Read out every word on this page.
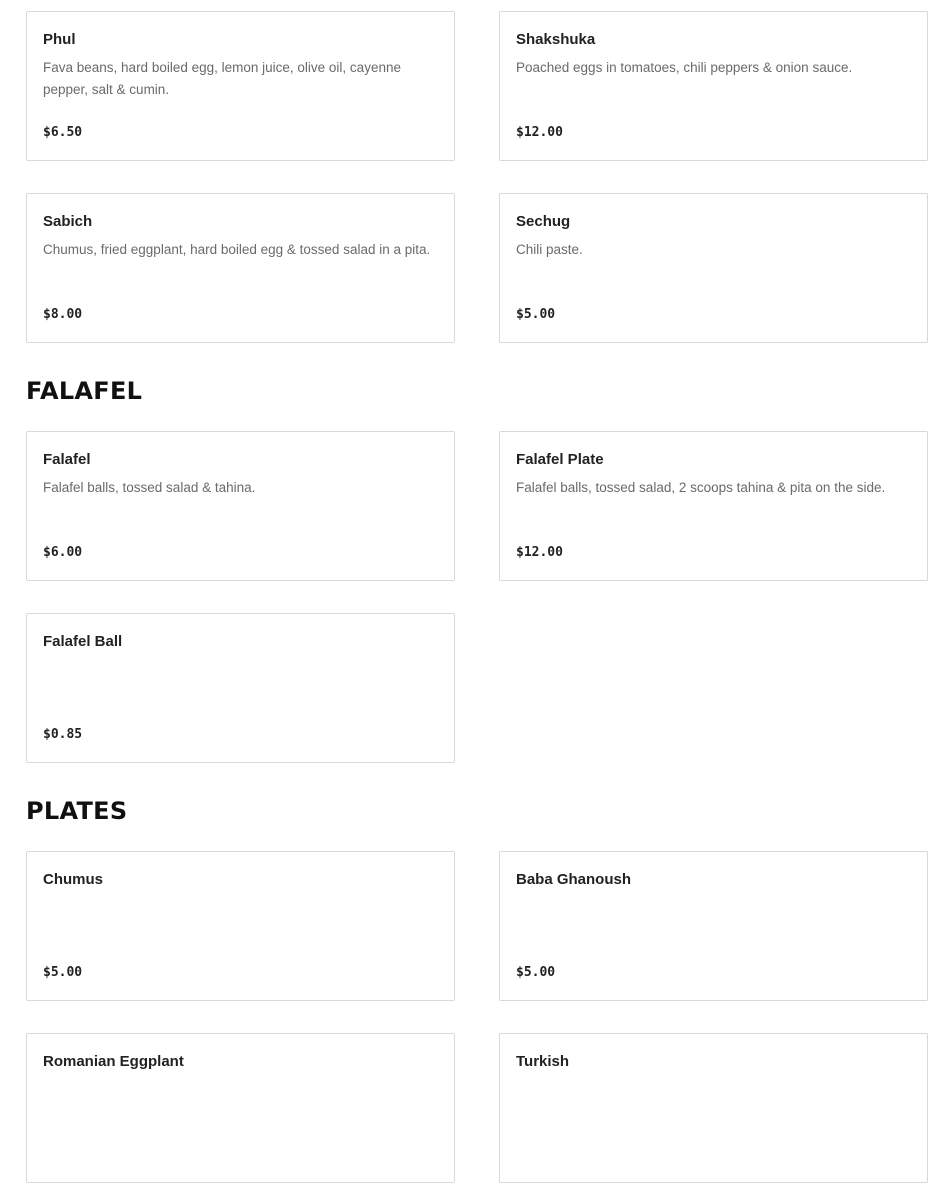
Phul
Fava beans, hard boiled egg, lemon juice, olive oil, cayenne pepper, salt & cumin.
$6.50
Shakshuka
Poached eggs in tomatoes, chili peppers & onion sauce.
$12.00
Sabich
Chumus, fried eggplant, hard boiled egg & tossed salad in a pita.
$8.00
Sechug
Chili paste.
$5.00
FALAFEL
Falafel
Falafel balls, tossed salad & tahina.
$6.00
Falafel Plate
Falafel balls, tossed salad, 2 scoops tahina & pita on the side.
$12.00
Falafel Ball
$0.85
PLATES
Chumus
$5.00
Baba Ghanoush
$5.00
Romanian Eggplant	Turkish
